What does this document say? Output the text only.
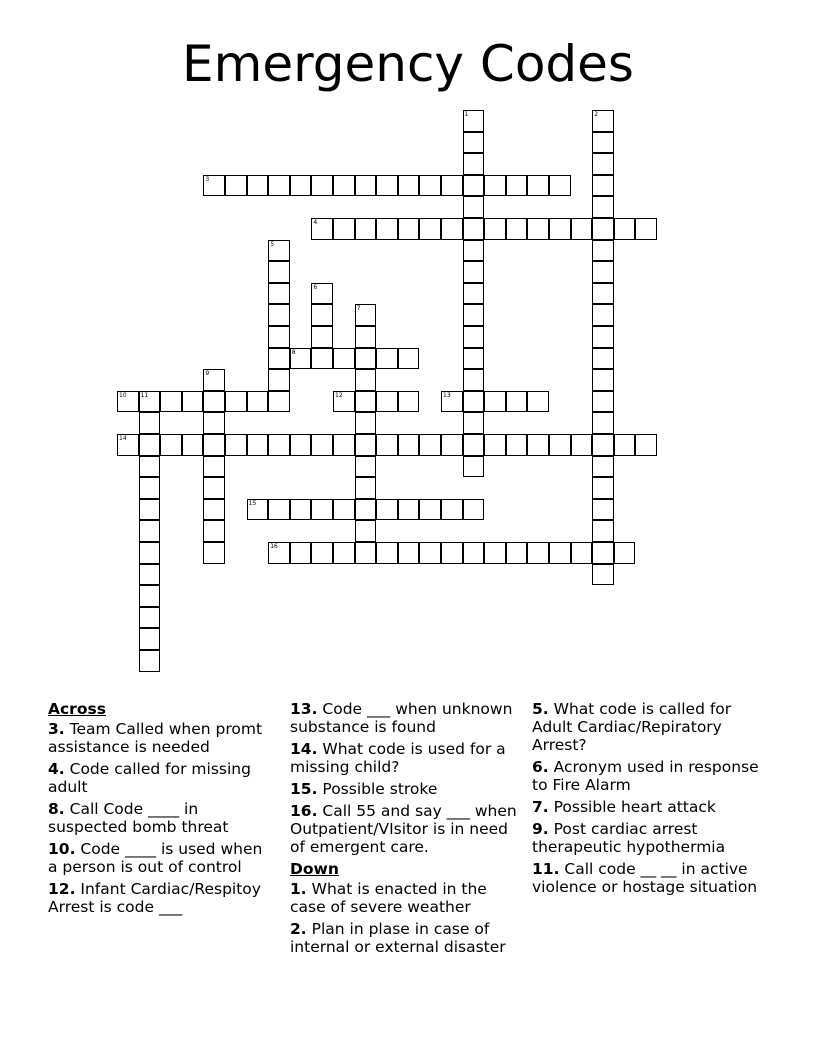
Emergency Codes
1	2
3
4
5
6
7
8
9
10 11	12	13
14
15
16
Across
3. Team Called when promt assistance is needed
4. Code called for missing adult
8. Call Code ____ in suspected bomb threat
10. Code ____ is used when a person is out of control
12. Infant Cardiac/Respitoy Arrest is code ___
13. Code ___ when unknown substance is found
14. What code is used for a missing child?
15. Possible stroke
16. Call 55 and say ___ when Outpatient/VIsitor is in need of emergent care.
Down
1. What is enacted in the case of severe weather
2. Plan in plase in case of internal or external disaster
5. What code is called for Adult Cardiac/Repiratory Arrest?
6. Acronym used in response to Fire Alarm
7. Possible heart attack
9. Post cardiac arrest therapeutic hypothermia
11. Call code __ __ in active violence or hostage situation
